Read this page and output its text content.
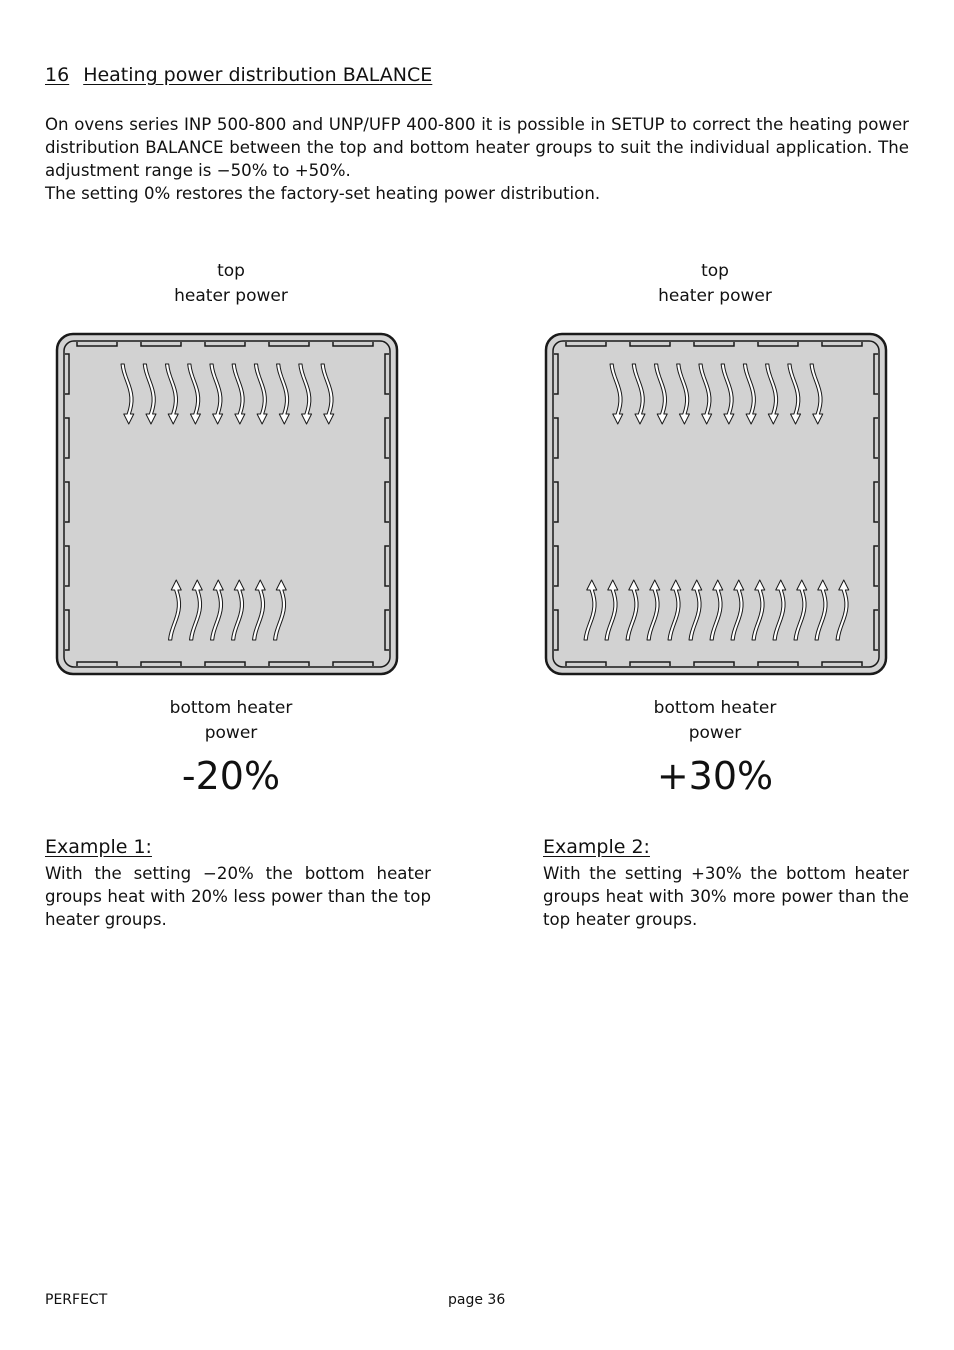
16 Heating power distribution BALANCE

On ovens series INP 500-800 and UNP/UFP 400-800 it is possible in SETUP to correct the heating power distribution BALANCE between the top and bottom heater groups to suit the individual application. The adjustment range is −50% to +50%.

The setting 0% restores the factory-set heating power distribution.

top
heater power
bottom heater
power
-20%
top
heater power
bottom heater
power
+30%
Example 1:

With the setting −20% the bottom heater groups heat with 20% less power than the top heater groups.

Example 2:

With the setting +30% the bottom heater groups heat with 30% more power than the top heater groups.

PERFECT	page 36
